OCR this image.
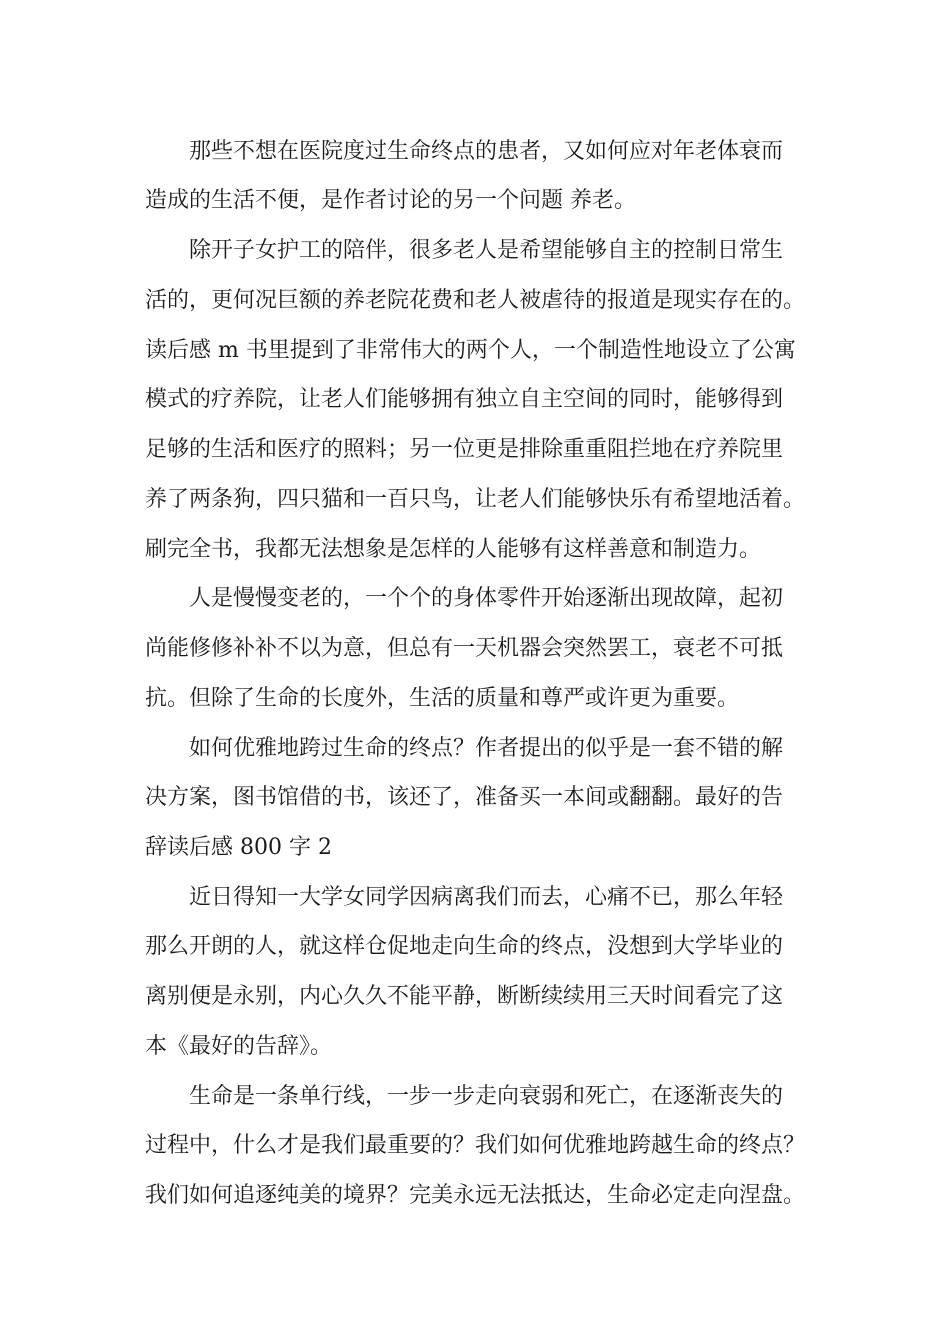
那些不想在医院度过生命终点的患者，又如何应对年老体衰而
造成的生活不便，是作者讨论的另一个问题 养老。
除开子女护工的陪伴，很多老人是希望能够自主的控制日常生
活的，更何况巨额的养老院花费和老人被虐待的报道是现实存在的。
读后感 m 书里提到了非常伟大的两个人，一个制造性地设立了公寓
模式的疗养院，让老人们能够拥有独立自主空间的同时，能够得到
足够的生活和医疗的照料；另一位更是排除重重阻拦地在疗养院里
养了两条狗，四只猫和一百只鸟，让老人们能够快乐有希望地活着。
刷完全书，我都无法想象是怎样的人能够有这样善意和制造力。
人是慢慢变老的，一个个的身体零件开始逐渐出现故障，起初
尚能修修补补不以为意，但总有一天机器会突然罢工，衰老不可抵
抗。但除了生命的长度外，生活的质量和尊严或许更为重要。
如何优雅地跨过生命的终点？作者提出的似乎是一套不错的解
决方案，图书馆借的书，该还了，准备买一本间或翻翻。最好的告
辞读后感 800 字 2
近日得知一大学女同学因病离我们而去，心痛不已，那么年轻
那么开朗的人，就这样仓促地走向生命的终点，没想到大学毕业的
离别便是永别，内心久久不能平静，断断续续用三天时间看完了这
本《最好的告辞》。
生命是一条单行线，一步一步走向衰弱和死亡，在逐渐丧失的
过程中，什么才是我们最重要的？我们如何优雅地跨越生命的终点？
我们如何追逐纯美的境界？完美永远无法抵达，生命必定走向涅盘。
